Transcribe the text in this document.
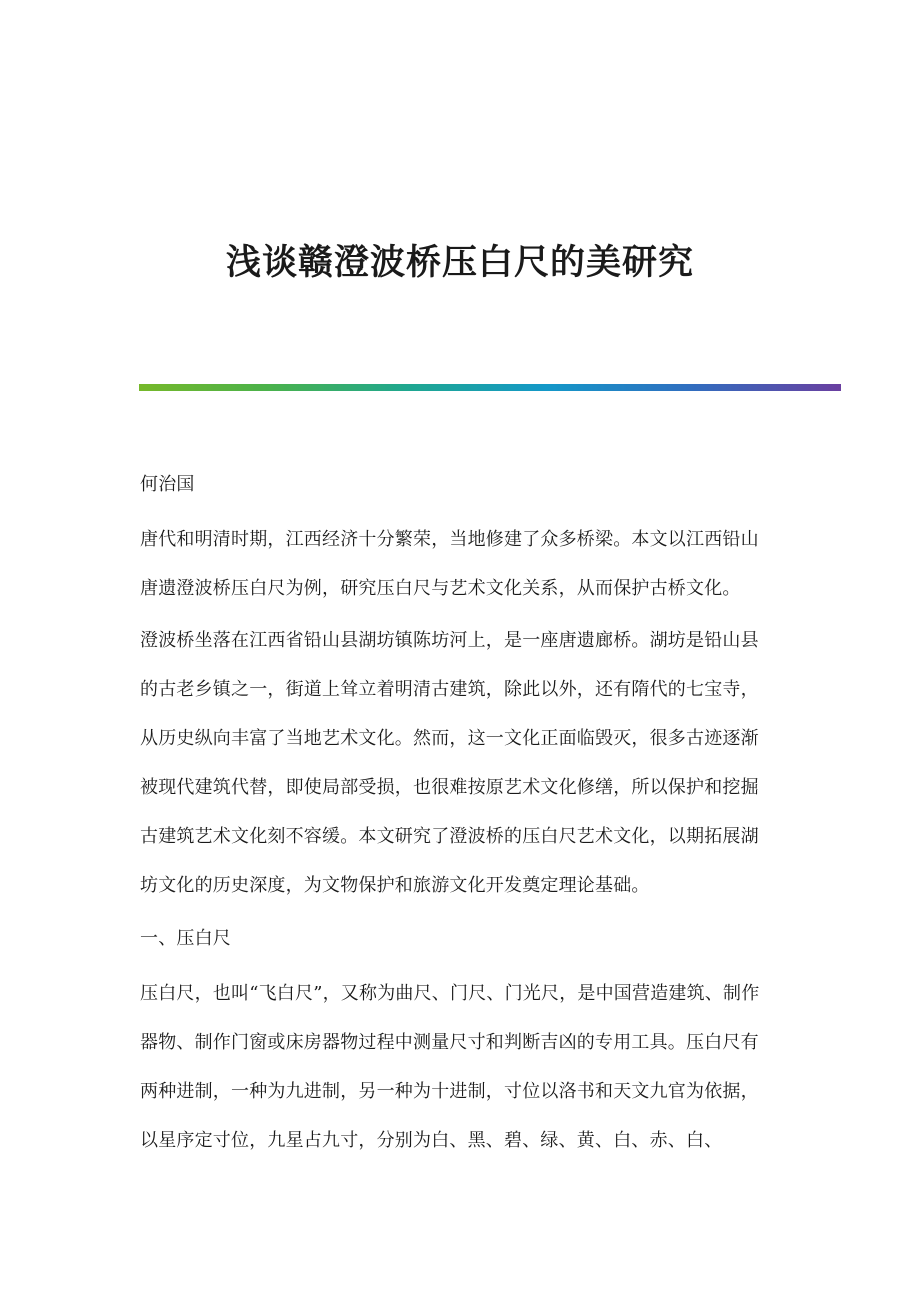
浅谈赣澄波桥压白尺的美研究

何治国

唐代和明清时期，江西经济十分繁荣，当地修建了众多桥梁。本文以江西铅山唐遗澄波桥压白尺为例，研究压白尺与艺术文化关系，从而保护古桥文化。

澄波桥坐落在江西省铅山县湖坊镇陈坊河上，是一座唐遗廊桥。湖坊是铅山县的古老乡镇之一，街道上耸立着明清古建筑，除此以外，还有隋代的七宝寺，从历史纵向丰富了当地艺术文化。然而，这一文化正面临毁灭，很多古迹逐渐被现代建筑代替，即使局部受损，也很难按原艺术文化修缮，所以保护和挖掘古建筑艺术文化刻不容缓。本文研究了澄波桥的压白尺艺术文化，以期拓展湖坊文化的历史深度，为文物保护和旅游文化开发奠定理论基础。

一、压白尺

压白尺，也叫“飞白尺”，又称为曲尺、门尺、门光尺，是中国营造建筑、制作器物、制作门窗或床房器物过程中测量尺寸和判断吉凶的专用工具。压白尺有两种进制，一种为九进制，另一种为十进制，寸位以洛书和天文九官为依据，以星序定寸位，九星占九寸，分别为白、黑、碧、绿、黄、白、赤、白、
